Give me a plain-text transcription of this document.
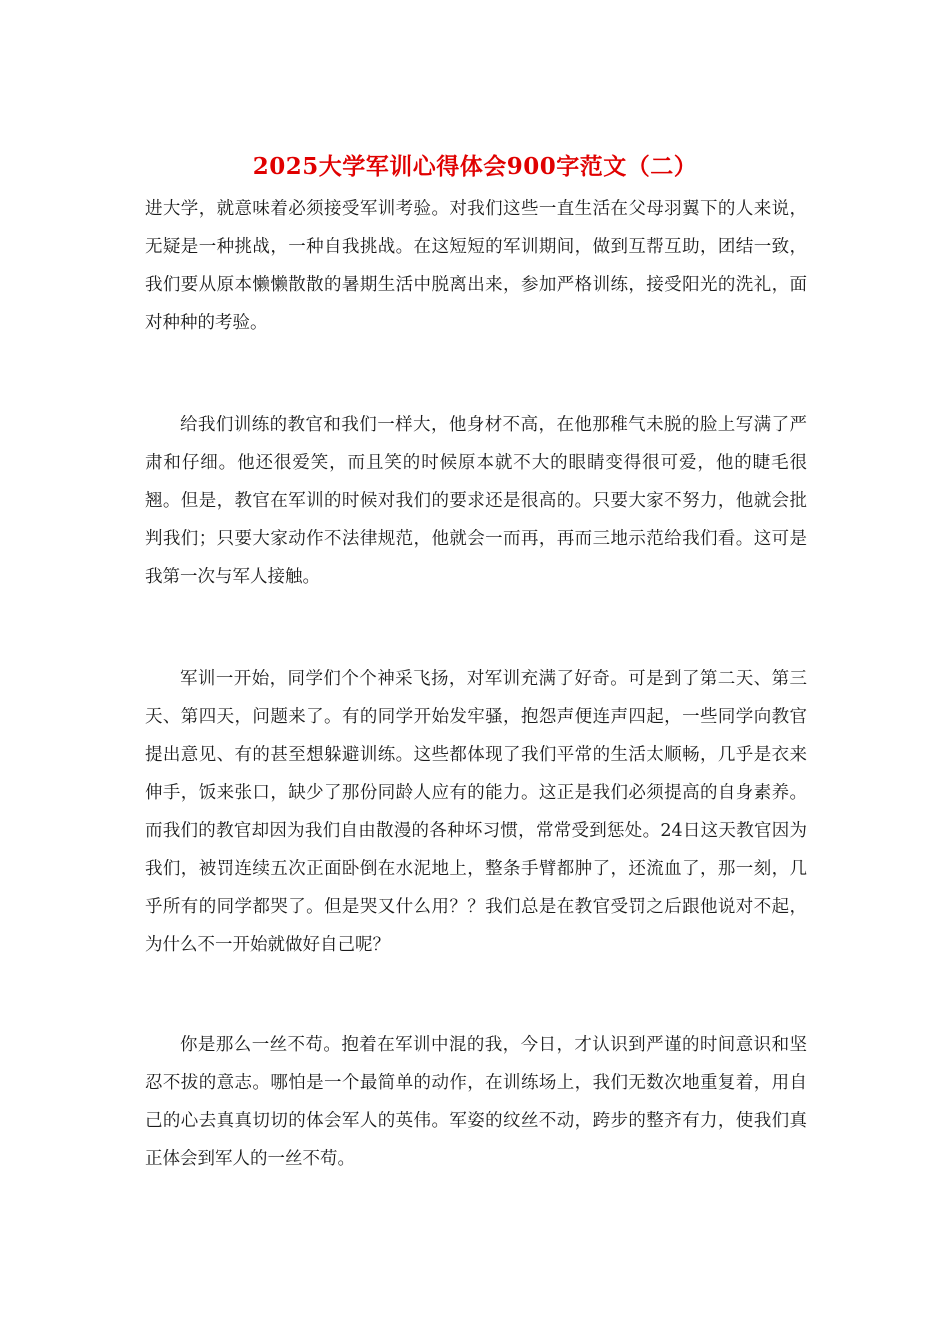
2025大学军训心得体会900字范文（二）

进大学，就意味着必须接受军训考验。对我们这些一直生活在父母羽翼下的人来说，无疑是一种挑战，一种自我挑战。在这短短的军训期间，做到互帮互助，团结一致，我们要从原本懒懒散散的暑期生活中脱离出来，参加严格训练，接受阳光的洗礼，面对种种的考验。

给我们训练的教官和我们一样大，他身材不高，在他那稚气未脱的脸上写满了严肃和仔细。他还很爱笑，而且笑的时候原本就不大的眼睛变得很可爱，他的睫毛很翘。但是，教官在军训的时候对我们的要求还是很高的。只要大家不努力，他就会批判我们；只要大家动作不法律规范，他就会一而再，再而三地示范给我们看。这可是我第一次与军人接触。

军训一开始，同学们个个神采飞扬，对军训充满了好奇。可是到了第二天、第三天、第四天，问题来了。有的同学开始发牢骚，抱怨声便连声四起，一些同学向教官提出意见、有的甚至想躲避训练。这些都体现了我们平常的生活太顺畅，几乎是衣来伸手，饭来张口，缺少了那份同龄人应有的能力。这正是我们必须提高的自身素养。而我们的教官却因为我们自由散漫的各种坏习惯，常常受到惩处。24日这天教官因为我们，被罚连续五次正面卧倒在水泥地上，整条手臂都肿了，还流血了，那一刻，几乎所有的同学都哭了。但是哭又什么用？？我们总是在教官受罚之后跟他说对不起，为什么不一开始就做好自己呢？

你是那么一丝不苟。抱着在军训中混的我，今日，才认识到严谨的时间意识和坚忍不拔的意志。哪怕是一个最简单的动作，在训练场上，我们无数次地重复着，用自己的心去真真切切的体会军人的英伟。军姿的纹丝不动，跨步的整齐有力，使我们真正体会到军人的一丝不苟。
